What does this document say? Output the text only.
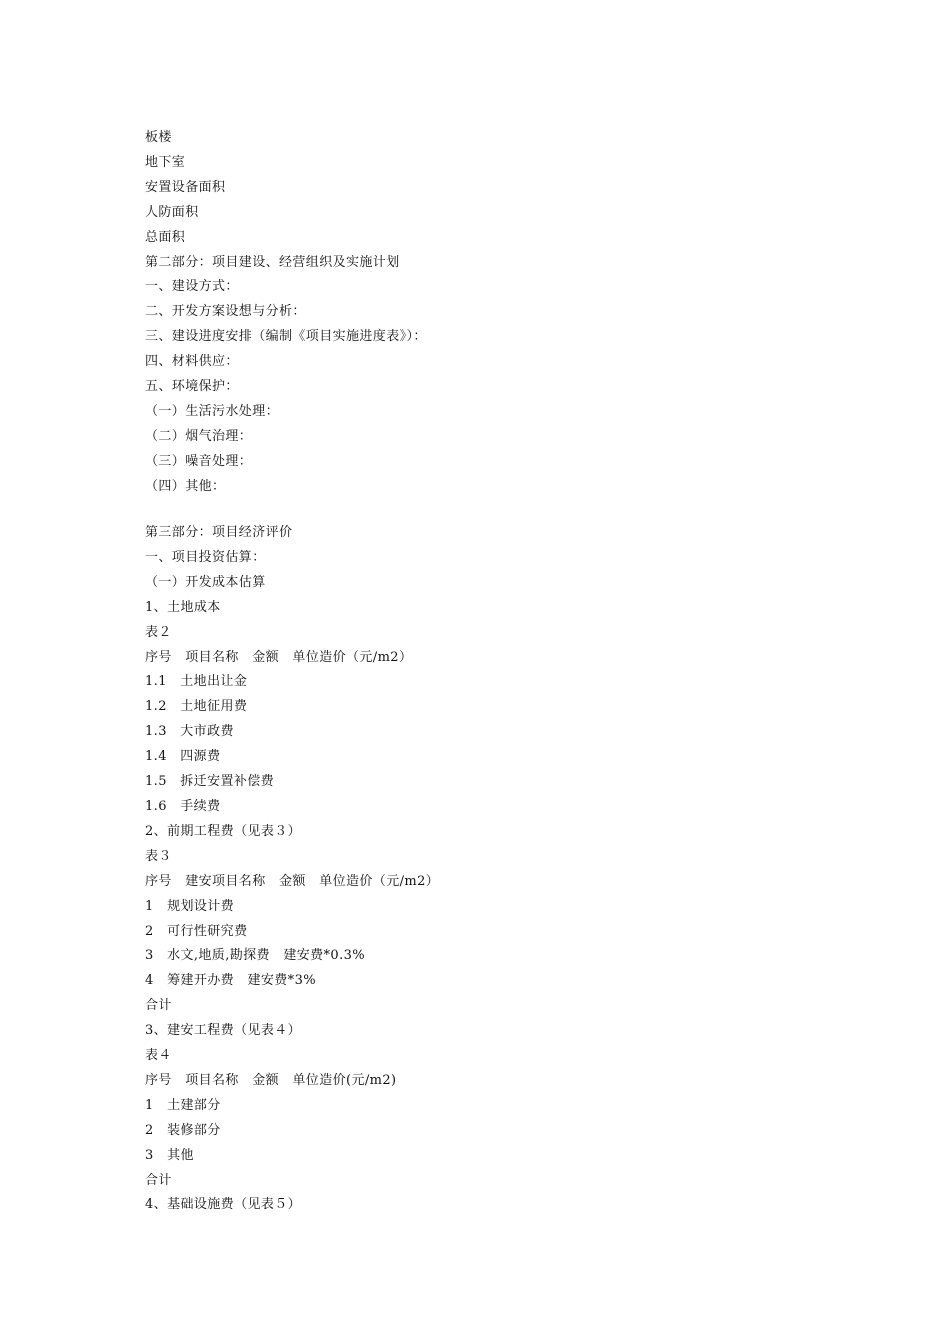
板楼
地下室
安置设备面积
人防面积
总面积
第二部分：项目建设、经营组织及实施计划
一、建设方式：
二、开发方案设想与分析：
三、建设进度安排（编制《项目实施进度表》）：
四、材料供应：
五、环境保护：
（一）生活污水处理：
（二）烟气治理：
（三）噪音处理：
（四）其他：
第三部分：项目经济评价
一、项目投资估算：
（一）开发成本估算
1、土地成本
表２
序号　项目名称　金额　单位造价（元/m2）
1.1　土地出让金
1.2　土地征用费
1.3　大市政费
1.4　四源费
1.5　拆迁安置补偿费
1.6　手续费
2、前期工程费（见表３）
表３
序号　建安项目名称　金额　单位造价（元/m2）
1　规划设计费
2　可行性研究费
3　水文,地质,勘探费　建安费*0.3%
4　筹建开办费　建安费*3%
合计
3、建安工程费（见表４）
表４
序号　项目名称　金额　单位造价(元/m2)
1　土建部分
2　装修部分
3　其他
合计
4、基础设施费（见表５）
